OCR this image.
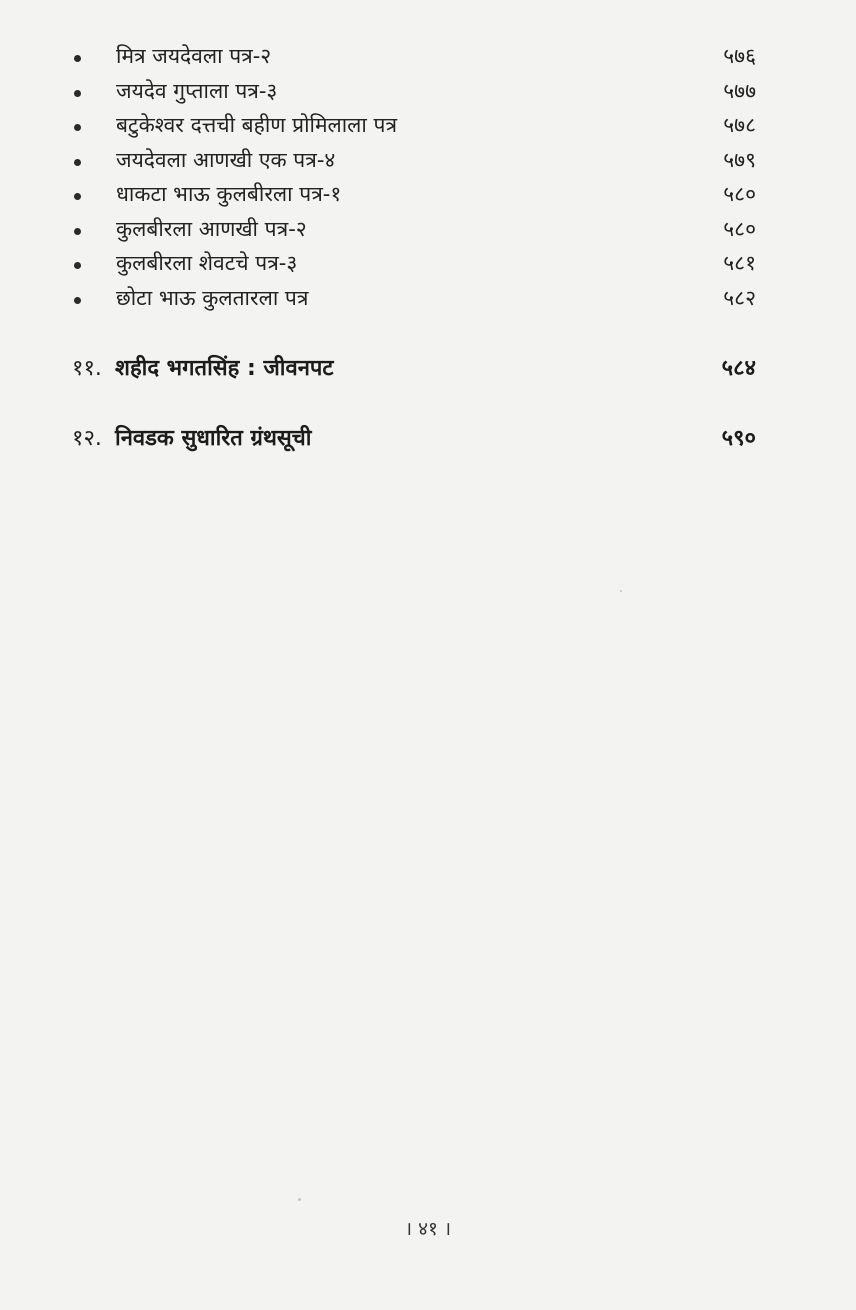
मित्र जयदेवला पत्र-२	५७६
जयदेव गुप्ताला पत्र-३	५७७
बटुकेश्वर दत्तची बहीण प्रोमिलाला पत्र	५७८
जयदेवला आणखी एक पत्र-४	५७९
धाकटा भाऊ कुलबीरला पत्र-१	५८०
कुलबीरला आणखी पत्र-२	५८०
कुलबीरला शेवटचे पत्र-३	५८१
छोटा भाऊ कुलतारला पत्र	५८२
११. शहीद भगतसिंह : जीवनपट	५८४
१२. निवडक सुधारित ग्रंथसूची	५९०
। ४१ ।
